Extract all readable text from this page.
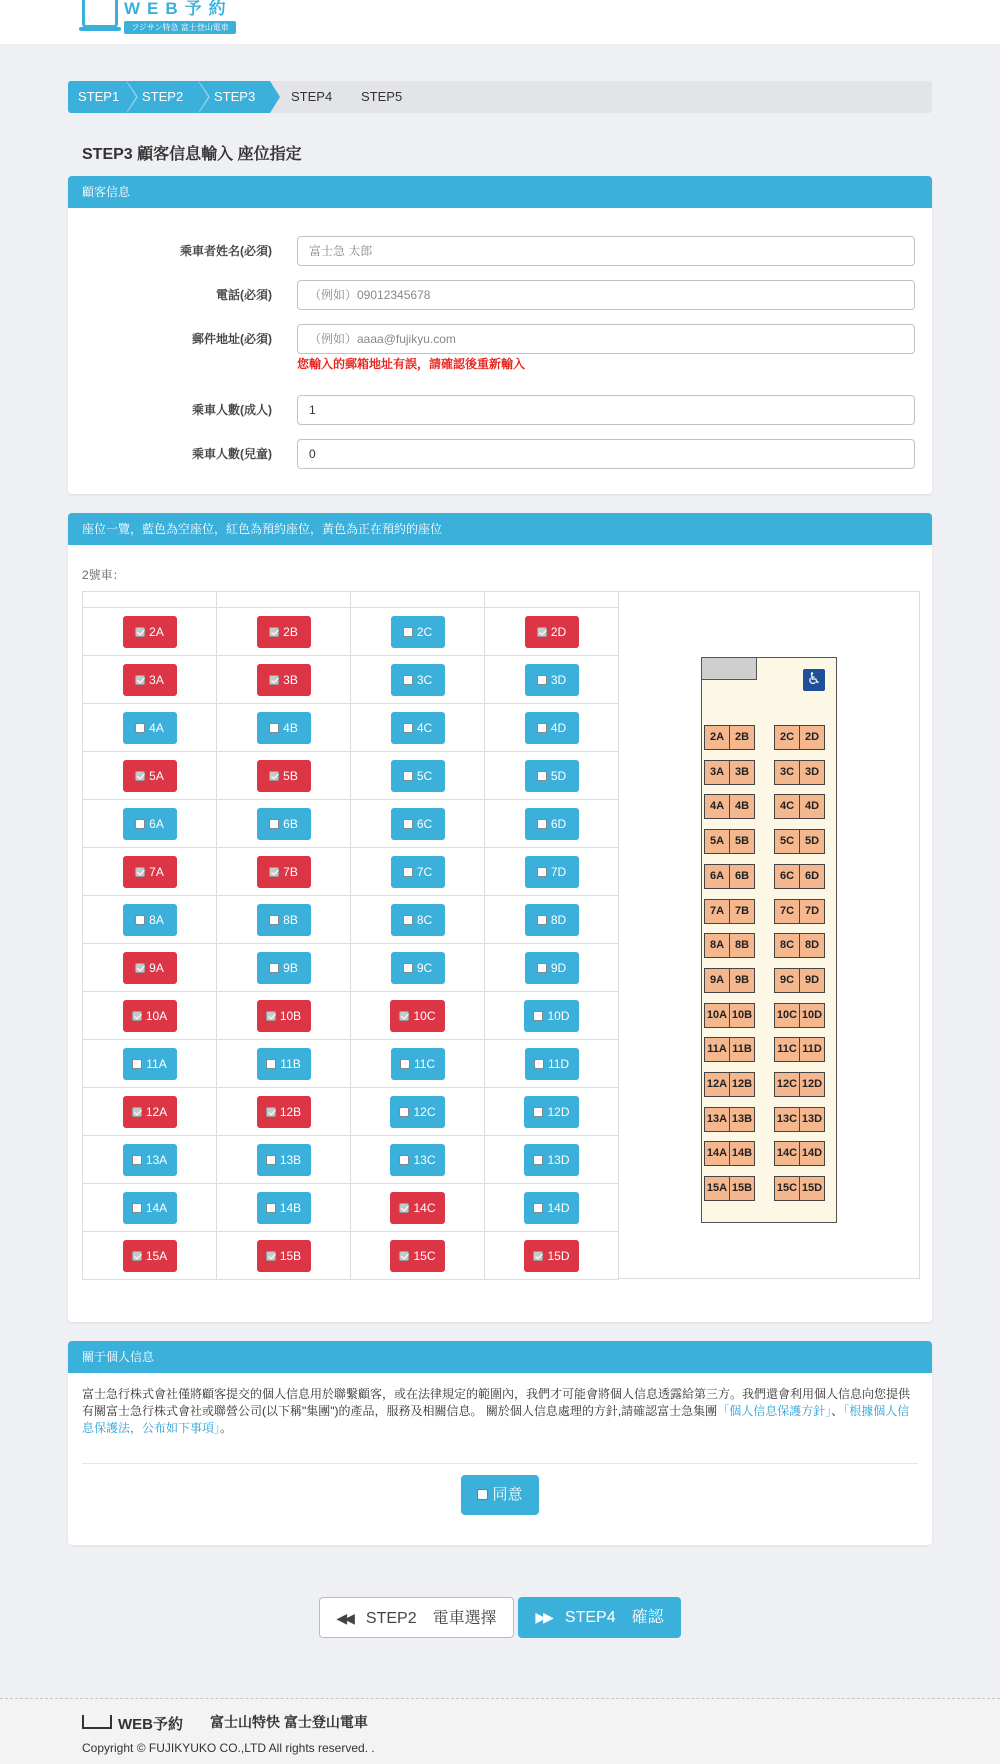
WEB予約
フジサン特急 富士登山電車
STEP1	STEP2	STEP3	STEP4	STEP5
STEP3 顧客信息輸入 座位指定
顧客信息
乘車者姓名(必須)
富士急 太郎
電話(必須)
（例如）09012345678
郵件地址(必須)
（例如）aaaa@fujikyu.com
您輸入的郵箱地址有誤，請確認後重新輸入
乘車人數(成人)
1
乘車人數(兒童)
0
座位一覽，藍色為空座位，紅色為預約座位，黃色為正在預約的座位
2號車：

2A	2B	2C	2D
3A	3B	3C	3D
4A	4B	4C	4D
5A	5B	5C	5D
6A	6B	6C	6D
7A	7B	7C	7D
8A	8B	8C	8D
9A	9B	9C	9D
10A	10B	10C	10D
11A	11B	11C	11D
12A	12B	12C	12D
13A	13B	13C	13D
14A	14B	14C	14D
15A	15B	15C	15D
♿
2A 2B	2C 2D
3A 3B	3C 3D
4A 4B	4C 4D
5A 5B	5C 5D
6A 6B	6C 6D
7A 7B	7C 7D
8A 8B	8C 8D
9A 9B	9C 9D
10A 10B 10C 10D
11A 11B 11C 11D
12A 12B 12C 12D
13A 13B 13C 13D
14A 14B 14C 14D
15A 15B 15C 15D
關于個人信息
富士急行株式會社僅將顧客提交的個人信息用於聯繫顧客，或在法律規定的範圍內，我們才可能會將個人信息透露給第三方。我們還會利用個人信息向您提供有關富士急行株式會社或聯營公司(以下稱"集團")的產品，服務及相關信息。 關於個人信息處理的方針,請確認富士急集團「個人信息保護方針」、「根據個人信息保護法，公布如下事項」。
同意
◀◀ STEP2　電車選擇	▶▶ STEP4　確認
WEB予約 富士山特快 富士登山電車
Copyright © FUJIKYUKO CO.,LTD All rights reserved. .
